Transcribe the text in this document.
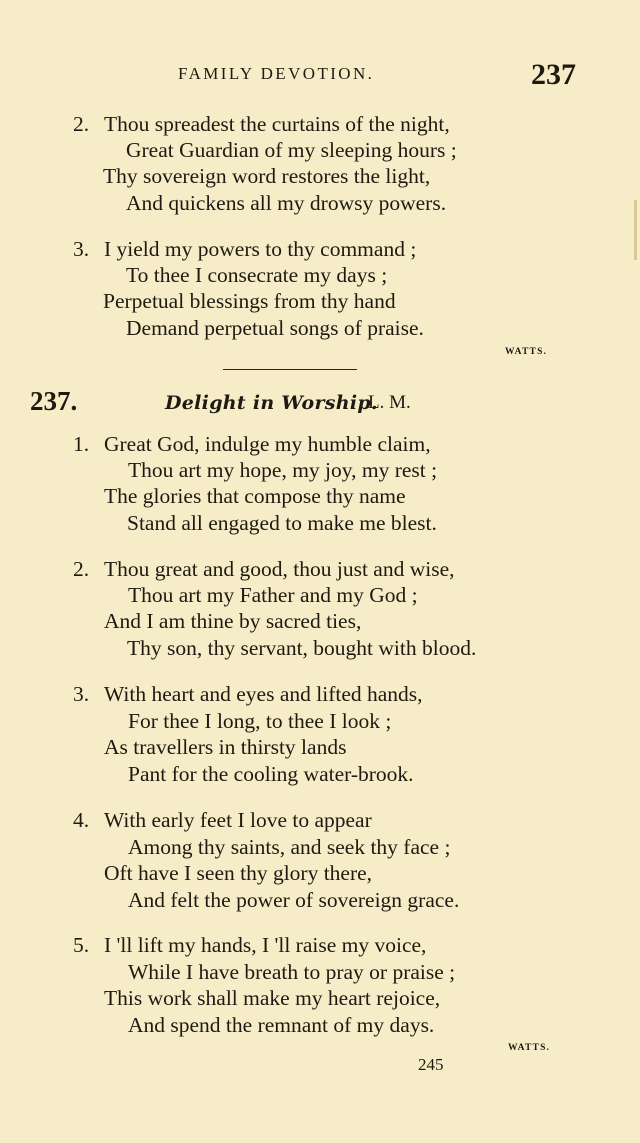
FAMILY DEVOTION.	237
2. Thou spreadest the curtains of the night,
Great Guardian of my sleeping hours ;
Thy sovereign word restores the light,
And quickens all my drowsy powers.
3. I yield my powers to thy command ;
To thee I consecrate my days ;
Perpetual blessings from thy hand
Demand perpetual songs of praise.
WATTS.
237.	Delight in Worship.
L. M.
1. Great God, indulge my humble claim,
Thou art my hope, my joy, my rest ;
The glories that compose thy name
Stand all engaged to make me blest.
2. Thou great and good, thou just and wise,
Thou art my Father and my God ;
And I am thine by sacred ties,
Thy son, thy servant, bought with blood.
3. With heart and eyes and lifted hands,
For thee I long, to thee I look ;
As travellers in thirsty lands
Pant for the cooling water-brook.
4. With early feet I love to appear
Among thy saints, and seek thy face ;
Oft have I seen thy glory there,
And felt the power of sovereign grace.
5. I 'll lift my hands, I 'll raise my voice,
While I have breath to pray or praise ;
This work shall make my heart rejoice,
And spend the remnant of my days.
WATTS.
245
